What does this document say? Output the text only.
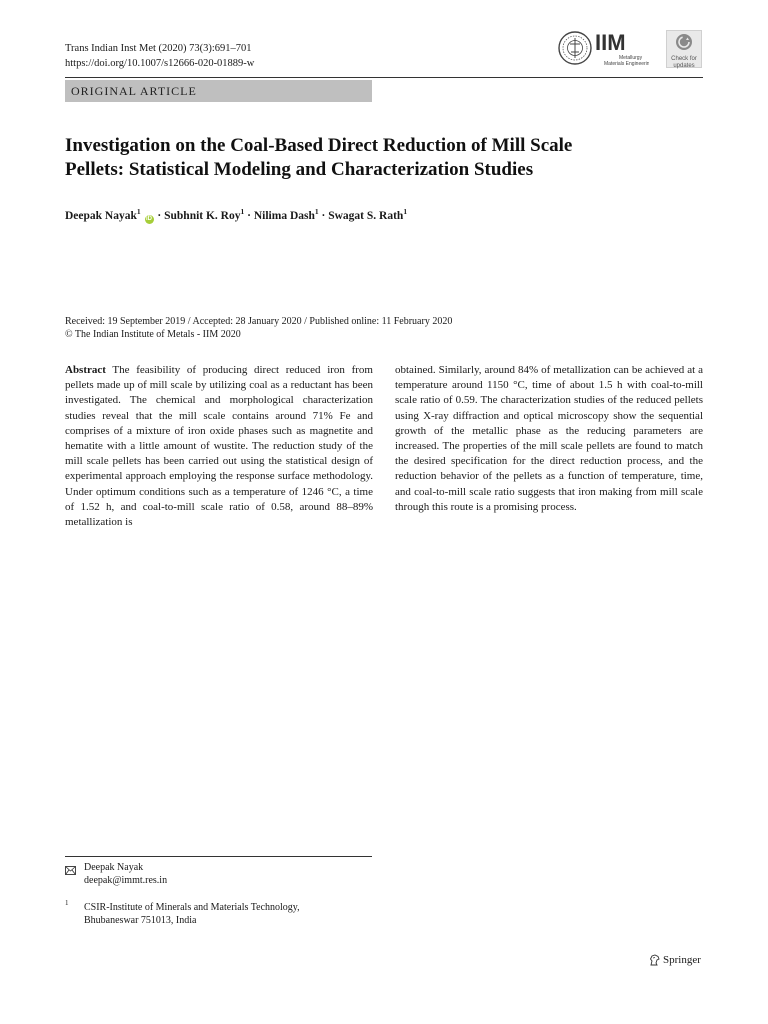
Trans Indian Inst Met (2020) 73(3):691–701
https://doi.org/10.1007/s12666-020-01889-w
IIM
Metallurgy
Materials Engineering
Check for
updates
ORIGINAL ARTICLE
Investigation on the Coal-Based Direct Reduction of Mill Scale
Pellets: Statistical Modeling and Characterization Studies
Deepak Nayak$^1$ iD · Subhnit K. Roy$^1$ · Nilima Dash$^1$ · Swagat S. Rath$^1$
Received: 19 September 2019 / Accepted: 28 January 2020 / Published online: 11 February 2020
© The Indian Institute of Metals - IIM 2020

Abstract The feasibility of producing direct reduced iron from pellets made up of mill scale by utilizing coal as a reductant has been investigated. The chemical and morphological characterization studies reveal that the mill scale contains around 71% Fe and comprises of a mixture of iron oxide phases such as magnetite and hematite with a little amount of wustite. The reduction study of the mill scale pellets has been carried out using the statistical design of experimental approach employing the response surface methodology. Under optimum conditions such as a temperature of 1246 °C, a time of 1.52 h, and coal-to-mill scale ratio of 0.58, around 88–89% metallization is

obtained. Similarly, around 84% of metallization can be achieved at a temperature around 1150 °C, time of about 1.5 h with coal-to-mill scale ratio of 0.59. The characterization studies of the reduced pellets using X-ray diffraction and optical microscopy show the sequential growth of the metallic phase as the reducing parameters are increased. The properties of the mill scale pellets are found to match the desired specification for the direct reduction process, and the reduction behavior of the pellets as a function of temperature, time, and coal-to-mill scale ratio suggests that iron making from mill scale through this route is a promising process.

Deepak Nayak
deepak@immt.res.in
1 CSIR-Institute of Minerals and Materials Technology,
Bhubaneswar 751013, India
Springer
